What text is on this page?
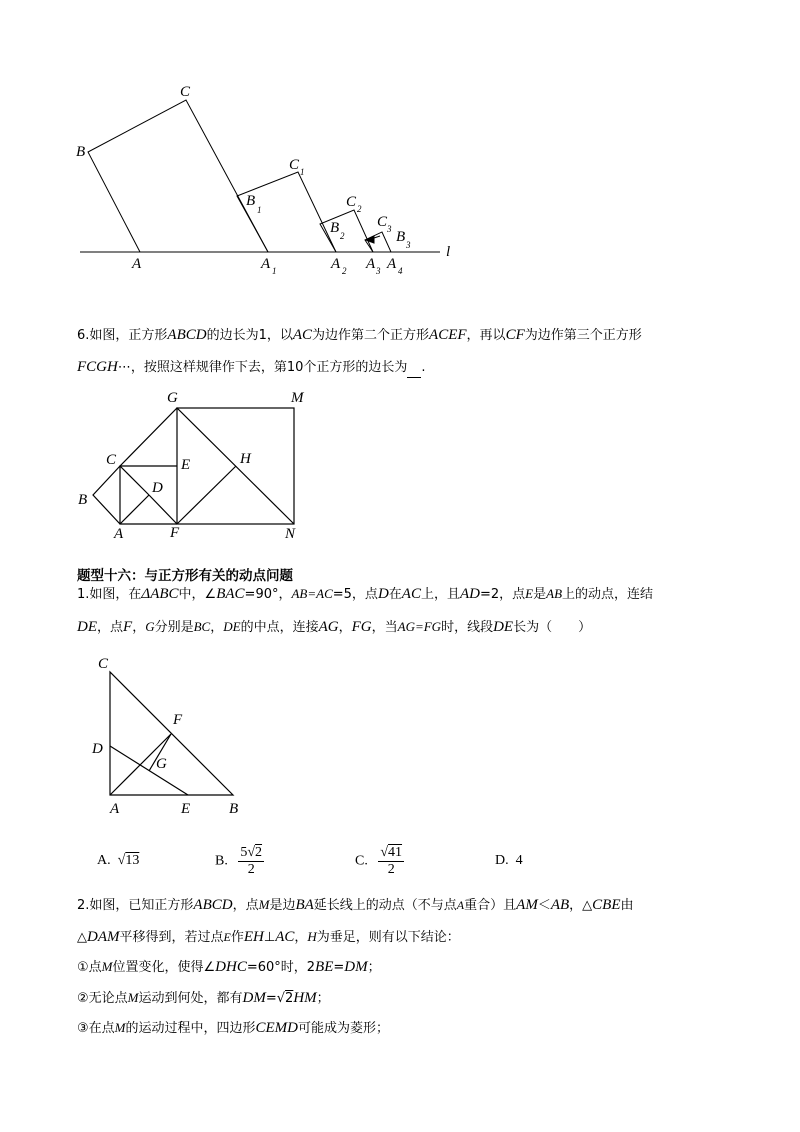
C
B
A
C 1
B
1
A 1
C 2
B 2
A 2
C 3 B 3
A 3 A 4
l
6.如图，正方形ABCD的边长为1，以AC为边作第二个正方形ACEF，再以CF为边作第三个正方形
FCGH⋯，按照这样规律作下去，第10个正方形的边长为 .
G	M
C	E	H
D
B
A	F	N
题型十六：与正方形有关的动点问题
1.如图，在ΔABC中，∠BAC=90°，AB=AC=5，点D在AC上，且AD=2，点E是AB上的动点，连结
DE，点F，G分别是BC，DE的中点，连接AG，FG，当AG=FG时，线段DE长为（　　）
C
F
D
G
A	E	B
A.  √13	B. $\frac{5√2}{2}$	C. $\frac{√41}{2}$	D. 4
2.如图，已知正方形ABCD，点M是边BA延长线上的动点（不与点A重合）且AM＜AB，△CBE由
△DAM平移得到，若过点E作EH⊥AC，H为垂足，则有以下结论：
①点M位置变化，使得∠DHC=60°时，2BE=DM；
②无论点M运动到何处，都有DM=√2HM；
③在点M的运动过程中，四边形CEMD可能成为菱形；
